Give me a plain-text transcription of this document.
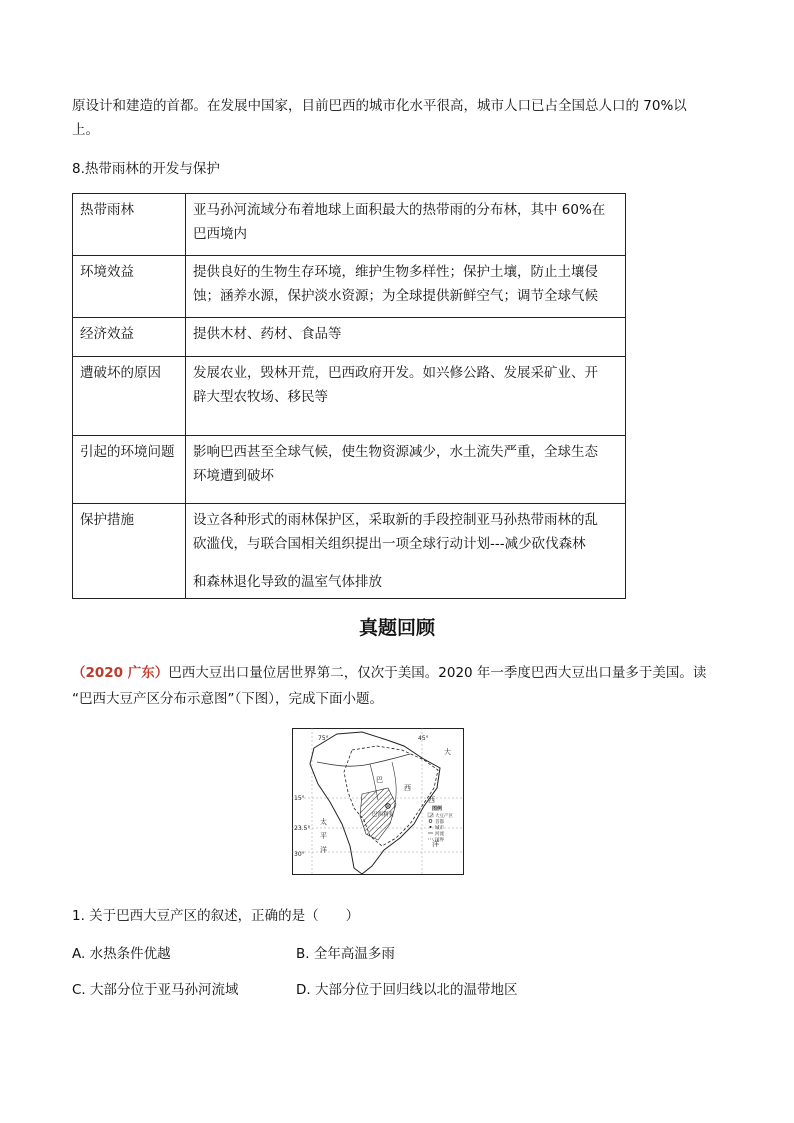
原设计和建造的首都。在发展中国家，目前巴西的城市化水平很高，城市人口已占全国总人口的 70%以
上。
8.热带雨林的开发与保护
热带雨林	亚马孙河流域分布着地球上面积最大的热带雨的分布林，其中 60%在
巴西境内

环境效益	提供良好的生物生存环境，维护生物多样性；保护土壤，防止土壤侵
蚀；涵养水源，保护淡水资源；为全球提供新鲜空气；调节全球气候

经济效益	提供木材、药材、食品等

遭破坏的原因	发展农业，毁林开荒，巴西政府开发。如兴修公路、发展采矿业、开
辟大型农牧场、移民等

引起的环境问题	影响巴西甚至全球气候，使生物资源减少，水土流失严重，全球生态
环境遭到破坏

保护措施	设立各种形式的雨林保护区，采取新的手段控制亚马孙热带雨林的乱
砍滥伐，与联合国相关组织提出一项全球行动计划---减少砍伐森林
和森林退化导致的温室气体排放
真题回顾
（2020 广东）巴西大豆出口量位居世界第二，仅次于美国。2020 年一季度巴西大豆出口量多于美国。读
“巴西大豆产区分布示意图”（下图），完成下面小题。
75°	45°
大
巴
西
巴西利亚
15°	西
23.5°
太
平
30°
洋
洋
图例
大豆产区
首都
城市
河流
国界
1. 关于巴西大豆产区的叙述，正确的是（　　）
A. 水热条件优越	B. 全年高温多雨
C. 大部分位于亚马孙河流域	D. 大部分位于回归线以北的温带地区
